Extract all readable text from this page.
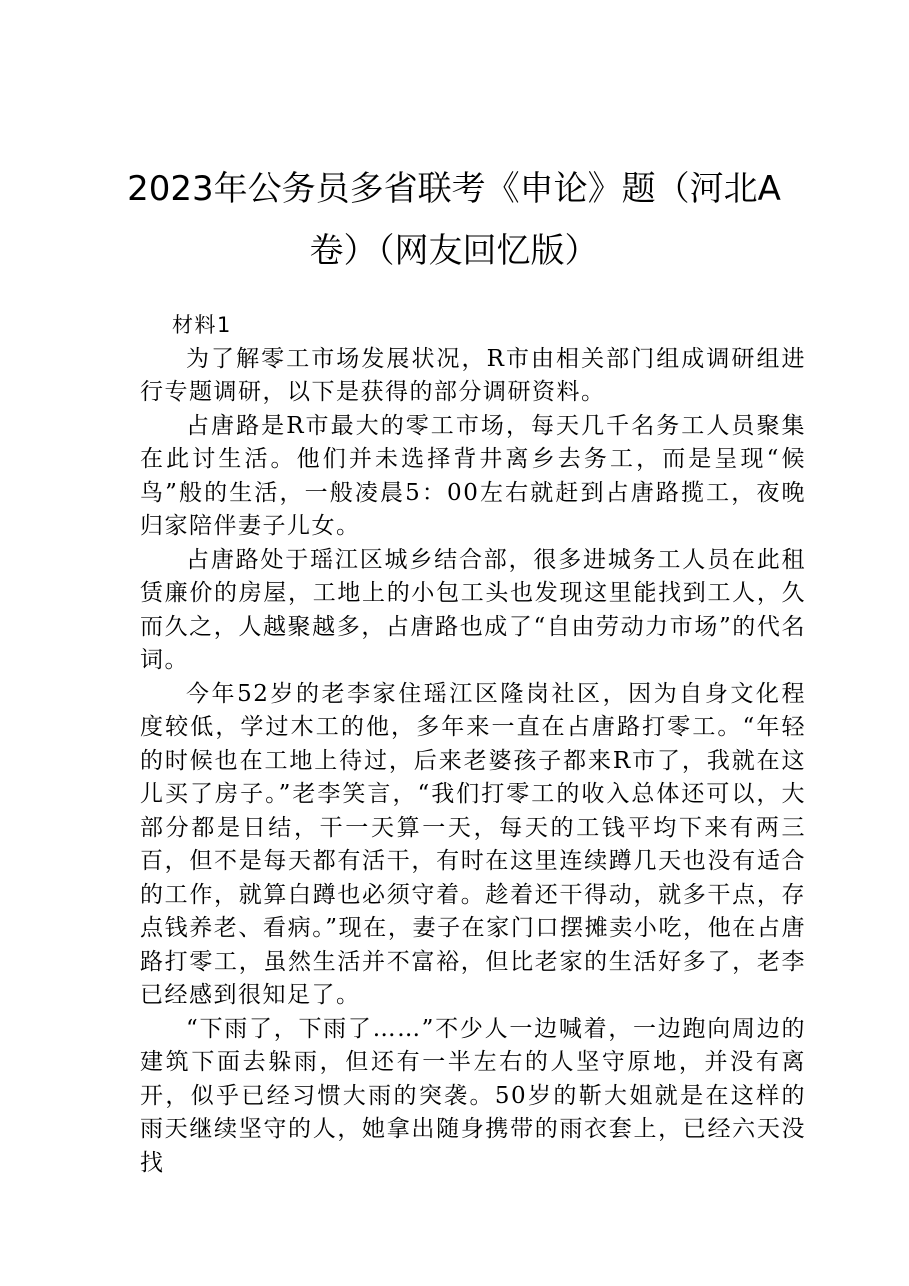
2023年公务员多省联考《申论》题（河北A卷）（网友回忆版）

材料1

为了解零工市场发展状况，R市由相关部门组成调研组进行专题调研，以下是获得的部分调研资料。

占唐路是R市最大的零工市场，每天几千名务工人员聚集在此讨生活。他们并未选择背井离乡去务工，而是呈现“候鸟”般的生活，一般凌晨5：00左右就赶到占唐路揽工，夜晚归家陪伴妻子儿女。

占唐路处于瑶江区城乡结合部，很多进城务工人员在此租赁廉价的房屋，工地上的小包工头也发现这里能找到工人，久而久之，人越聚越多，占唐路也成了“自由劳动力市场”的代名词。

今年52岁的老李家住瑶江区隆岗社区，因为自身文化程度较低，学过木工的他，多年来一直在占唐路打零工。“年轻的时候也在工地上待过，后来老婆孩子都来R市了，我就在这儿买了房子。”老李笑言，“我们打零工的收入总体还可以，大部分都是日结，干一天算一天，每天的工钱平均下来有两三百，但不是每天都有活干，有时在这里连续蹲几天也没有适合的工作，就算白蹲也必须守着。趁着还干得动，就多干点，存点钱养老、看病。”现在，妻子在家门口摆摊卖小吃，他在占唐路打零工，虽然生活并不富裕，但比老家的生活好多了，老李已经感到很知足了。

“下雨了，下雨了……”不少人一边喊着，一边跑向周边的建筑下面去躲雨，但还有一半左右的人坚守原地，并没有离开，似乎已经习惯大雨的突袭。50岁的靳大姐就是在这样的雨天继续坚守的人，她拿出随身携带的雨衣套上，已经六天没找
